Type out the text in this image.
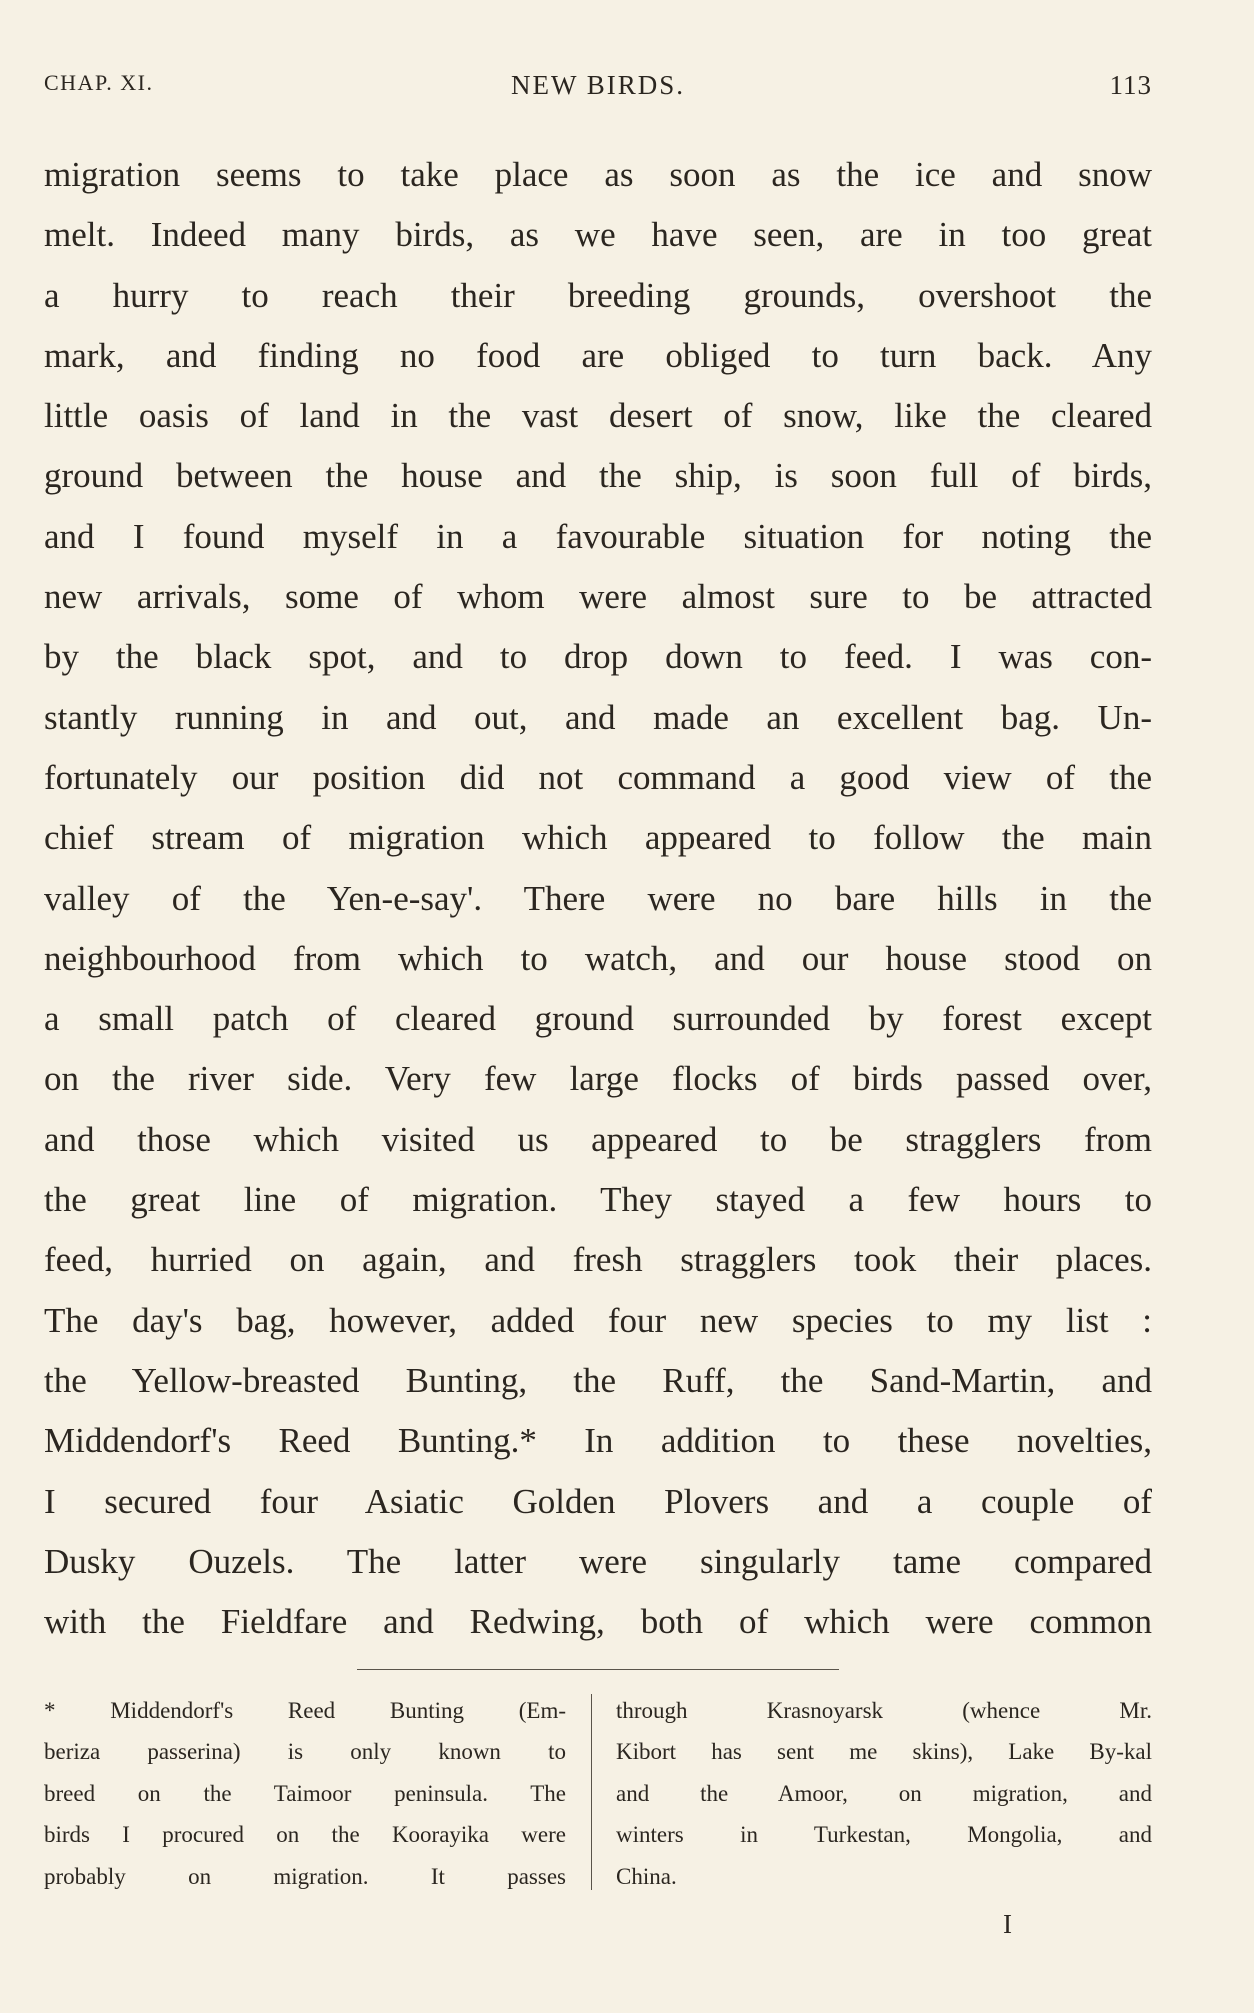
CHAP. XI.	NEW BIRDS.	113
migration seems to take place as soon as the ice and snow
melt. Indeed many birds, as we have seen, are in too great
a hurry to reach their breeding grounds, overshoot the
mark, and finding no food are obliged to turn back. Any
little oasis of land in the vast desert of snow, like the cleared
ground between the house and the ship, is soon full of birds,
and I found myself in a favourable situation for noting the
new arrivals, some of whom were almost sure to be attracted
by the black spot, and to drop down to feed. I was con-
stantly running in and out, and made an excellent bag. Un-
fortunately our position did not command a good view of the
chief stream of migration which appeared to follow the main
valley of the Yen-e-say'. There were no bare hills in the
neighbourhood from which to watch, and our house stood on
a small patch of cleared ground surrounded by forest except
on the river side. Very few large flocks of birds passed over,
and those which visited us appeared to be stragglers from
the great line of migration. They stayed a few hours to
feed, hurried on again, and fresh stragglers took their places.
The day's bag, however, added four new species to my list :
the Yellow-breasted Bunting, the Ruff, the Sand-Martin, and
Middendorf's Reed Bunting.* In addition to these novelties,
I secured four Asiatic Golden Plovers and a couple of
Dusky Ouzels. The latter were singularly tame compared
with the Fieldfare and Redwing, both of which were common
* Middendorf's Reed Bunting (Em-
beriza passerina) is only known to
breed on the Taimoor peninsula. The
birds I procured on the Koorayika were
probably on migration. It passes
through Krasnoyarsk (whence Mr.
Kibort has sent me skins), Lake By-kal
and the Amoor, on migration, and
winters in Turkestan, Mongolia, and
China.
I
